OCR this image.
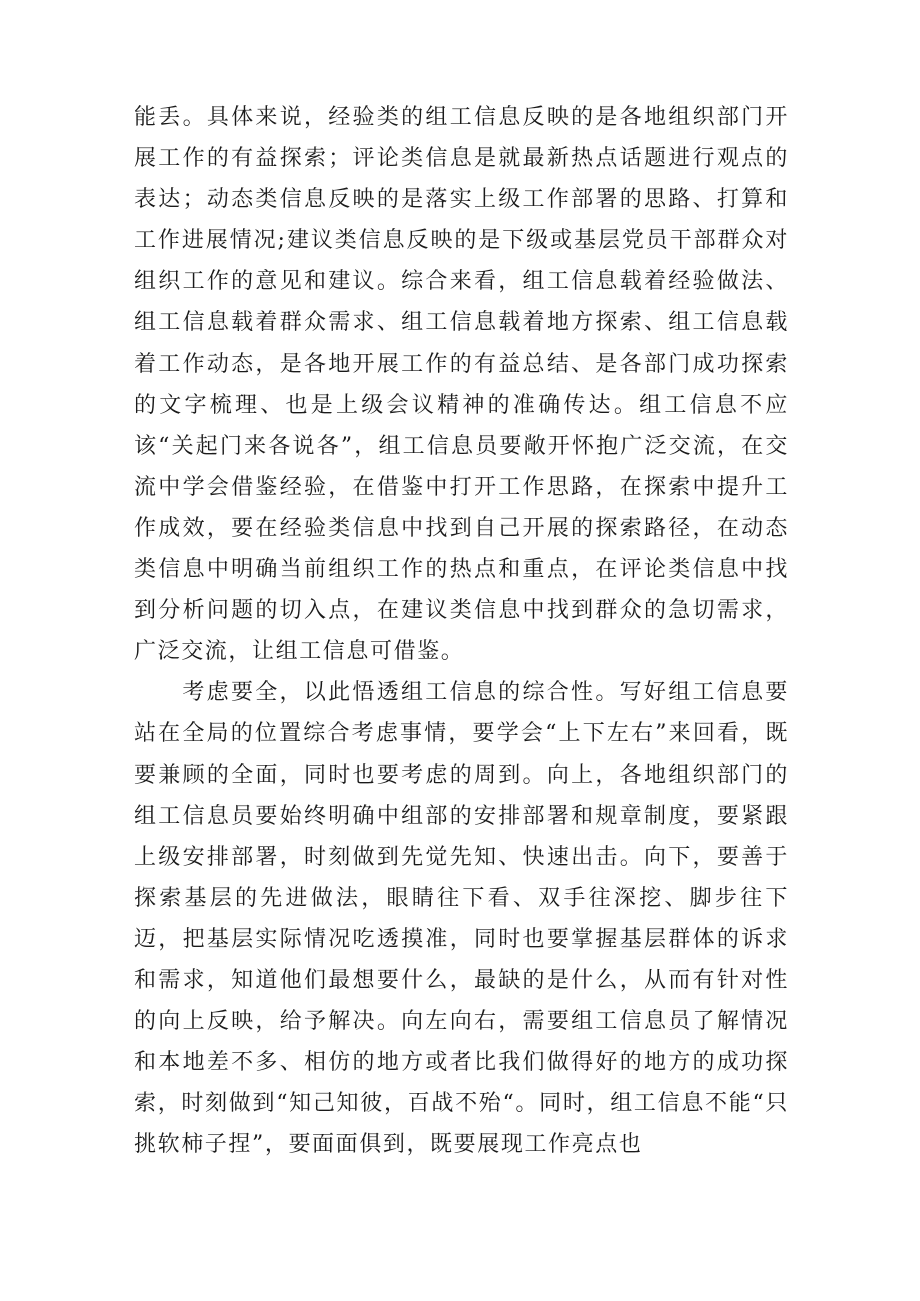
能丢。具体来说，经验类的组工信息反映的是各地组织部门开展工作的有益探索；评论类信息是就最新热点话题进行观点的表达；动态类信息反映的是落实上级工作部署的思路、打算和工作进展情况;建议类信息反映的是下级或基层党员干部群众对组织工作的意见和建议。综合来看，组工信息载着经验做法、组工信息载着群众需求、组工信息载着地方探索、组工信息载着工作动态，是各地开展工作的有益总结、是各部门成功探索的文字梳理、也是上级会议精神的准确传达。组工信息不应该“关起门来各说各”，组工信息员要敞开怀抱广泛交流，在交流中学会借鉴经验，在借鉴中打开工作思路，在探索中提升工作成效，要在经验类信息中找到自己开展的探索路径，在动态类信息中明确当前组织工作的热点和重点，在评论类信息中找到分析问题的切入点，在建议类信息中找到群众的急切需求，广泛交流，让组工信息可借鉴。

考虑要全，以此悟透组工信息的综合性。写好组工信息要站在全局的位置综合考虑事情，要学会“上下左右”来回看，既要兼顾的全面，同时也要考虑的周到。向上，各地组织部门的组工信息员要始终明确中组部的安排部署和规章制度，要紧跟上级安排部署，时刻做到先觉先知、快速出击。向下，要善于探索基层的先进做法，眼睛往下看、双手往深挖、脚步往下迈，把基层实际情况吃透摸准，同时也要掌握基层群体的诉求和需求，知道他们最想要什么，最缺的是什么，从而有针对性的向上反映，给予解决。向左向右，需要组工信息员了解情况和本地差不多、相仿的地方或者比我们做得好的地方的成功探索，时刻做到“知己知彼，百战不殆“。同时，组工信息不能“只挑软柿子捏”，要面面俱到，既要展现工作亮点也
